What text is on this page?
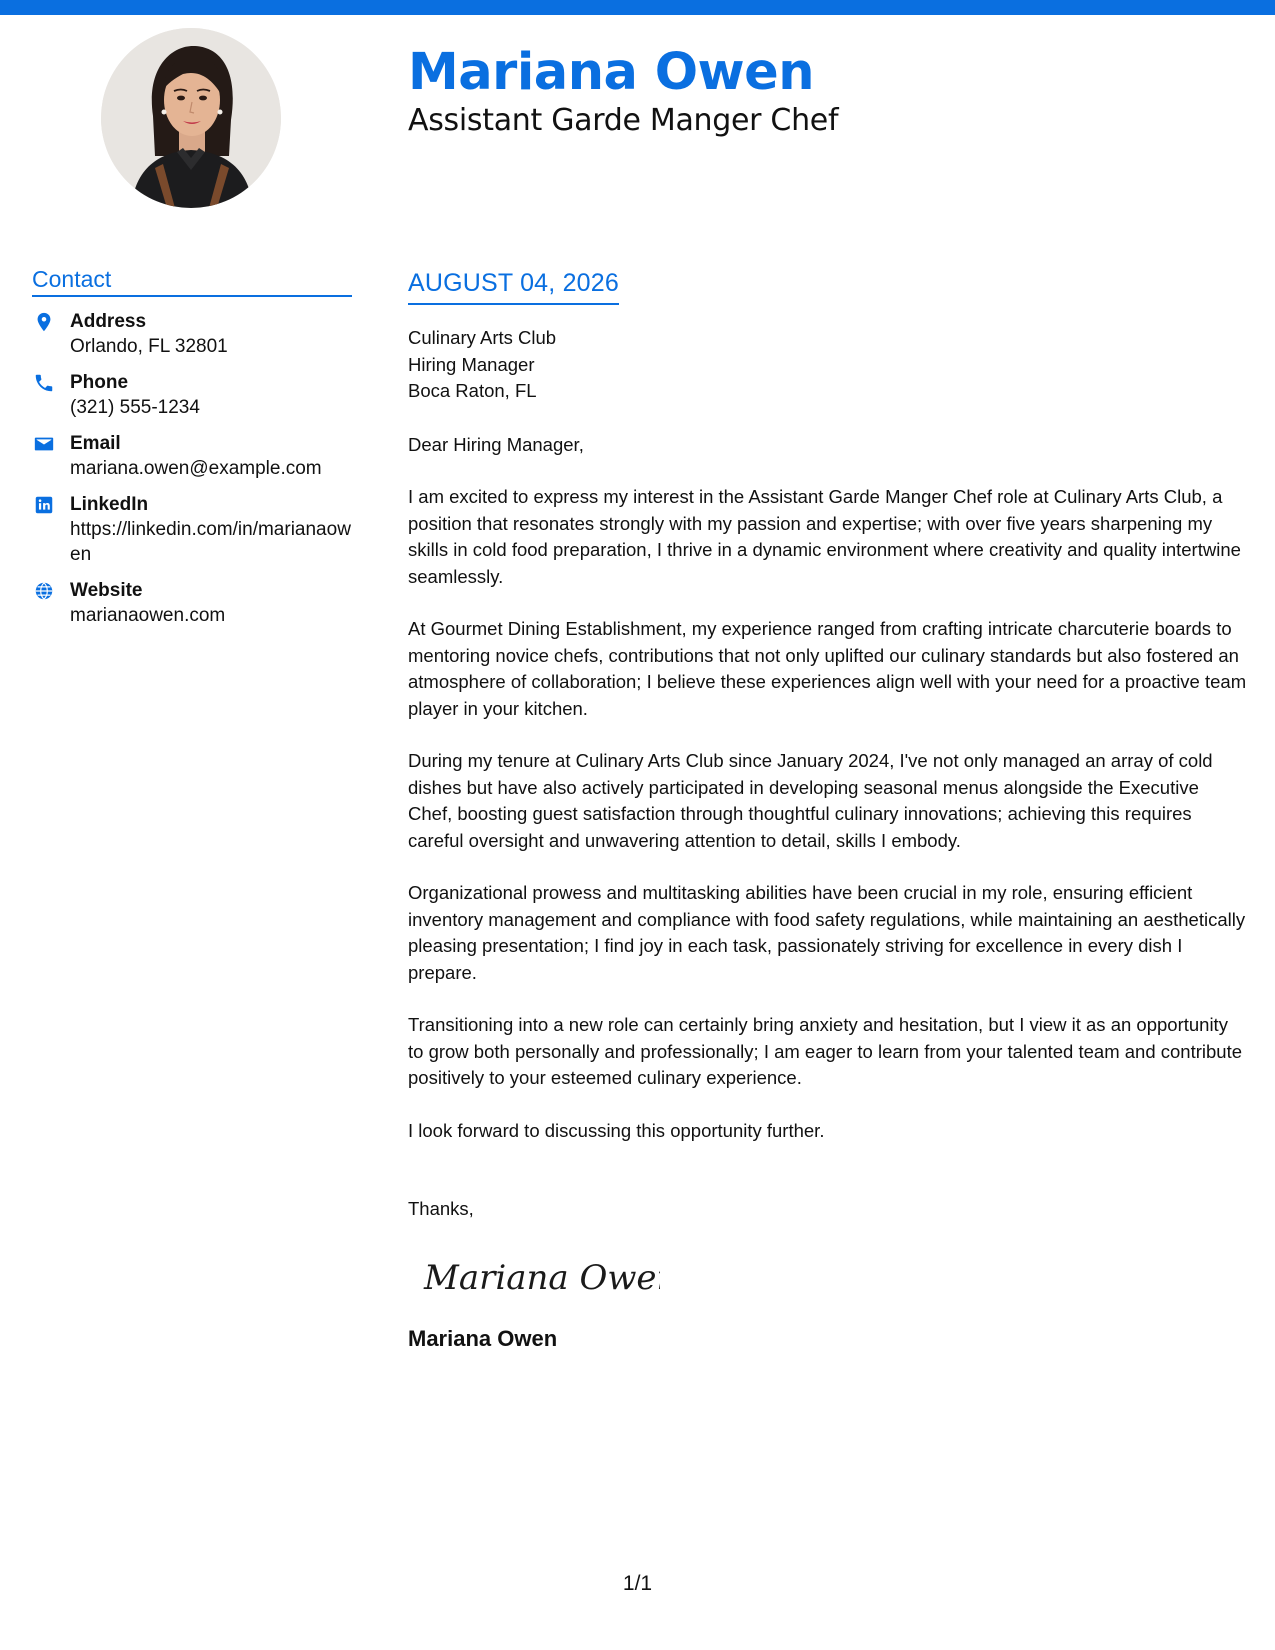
Mariana Owen
Assistant Garde Manger Chef
Contact
Address
Orlando, FL 32801
Phone
(321) 555-1234
Email
mariana.owen@example.com
LinkedIn
https://linkedin.com/in/marianaowen
Website
marianaowen.com
AUGUST 04, 2026
Culinary Arts Club
Hiring Manager
Boca Raton, FL
Dear Hiring Manager,

I am excited to express my interest in the Assistant Garde Manger Chef role at Culinary Arts Club, a position that resonates strongly with my passion and expertise; with over five years sharpening my skills in cold food preparation, I thrive in a dynamic environment where creativity and quality intertwine seamlessly.

At Gourmet Dining Establishment, my experience ranged from crafting intricate charcuterie boards to mentoring novice chefs, contributions that not only uplifted our culinary standards but also fostered an atmosphere of collaboration; I believe these experiences align well with your need for a proactive team player in your kitchen.

During my tenure at Culinary Arts Club since January 2024, I've not only managed an array of cold dishes but have also actively participated in developing seasonal menus alongside the Executive Chef, boosting guest satisfaction through thoughtful culinary innovations; achieving this requires careful oversight and unwavering attention to detail, skills I embody.

Organizational prowess and multitasking abilities have been crucial in my role, ensuring efficient inventory management and compliance with food safety regulations, while maintaining an aesthetically pleasing presentation; I find joy in each task, passionately striving for excellence in every dish I prepare.

Transitioning into a new role can certainly bring anxiety and hesitation, but I view it as an opportunity to grow both personally and professionally; I am eager to learn from your talented team and contribute positively to your esteemed culinary experience.

I look forward to discussing this opportunity further.

Thanks,
Mariana Owen
Mariana Owen
1/1
